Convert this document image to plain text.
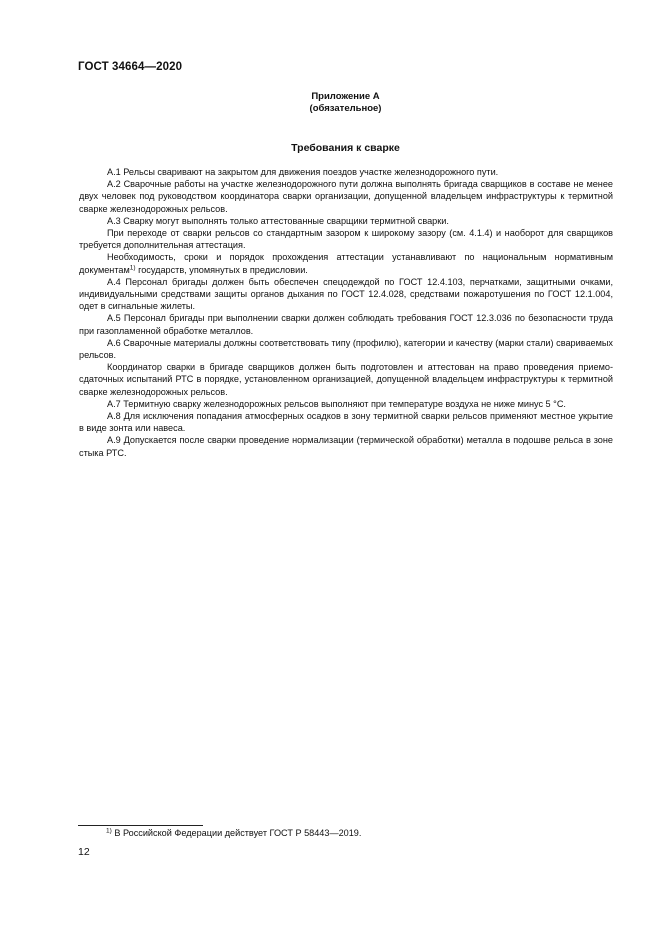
ГОСТ 34664—2020
Приложение А
(обязательное)
Требования к сварке

А.1 Рельсы сваривают на закрытом для движения поездов участке железнодорожного пути.

А.2 Сварочные работы на участке железнодорожного пути должна выполнять бригада сварщиков в составе не менее двух человек под руководством координатора сварки организации, допущенной владельцем инфраструктуры к термитной сварке железнодорожных рельсов.

А.3 Сварку могут выполнять только аттестованные сварщики термитной сварки.

При переходе от сварки рельсов со стандартным зазором к широкому зазору (см. 4.1.4) и наоборот для сварщиков требуется дополнительная аттестация.

Необходимость, сроки и порядок прохождения аттестации устанавливают по национальным нормативным документам$^{1)}$ государств, упомянутых в предисловии.

А.4 Персонал бригады должен быть обеспечен спецодеждой по ГОСТ 12.4.103, перчатками, защитными очками, индивидуальными средствами защиты органов дыхания по ГОСТ 12.4.028, средствами пожаротушения по ГОСТ 12.1.004, одет в сигнальные жилеты.

А.5 Персонал бригады при выполнении сварки должен соблюдать требования ГОСТ 12.3.036 по безопасности труда при газопламенной обработке металлов.

А.6 Сварочные материалы должны соответствовать типу (профилю), категории и качеству (марки стали) свариваемых рельсов.

Координатор сварки в бригаде сварщиков должен быть подготовлен и аттестован на право проведения приемо-сдаточных испытаний РТС в порядке, установленном организацией, допущенной владельцем инфраструктуры к термитной сварке железнодорожных рельсов.

А.7 Термитную сварку железнодорожных рельсов выполняют при температуре воздуха не ниже минус 5 °С.

А.8 Для исключения попадания атмосферных осадков в зону термитной сварки рельсов применяют местное укрытие в виде зонта или навеса.

А.9 Допускается после сварки проведение нормализации (термической обработки) металла в подошве рельса в зоне стыка РТС.

$^{1)}$ В Российской Федерации действует ГОСТ Р 58443—2019.
12
